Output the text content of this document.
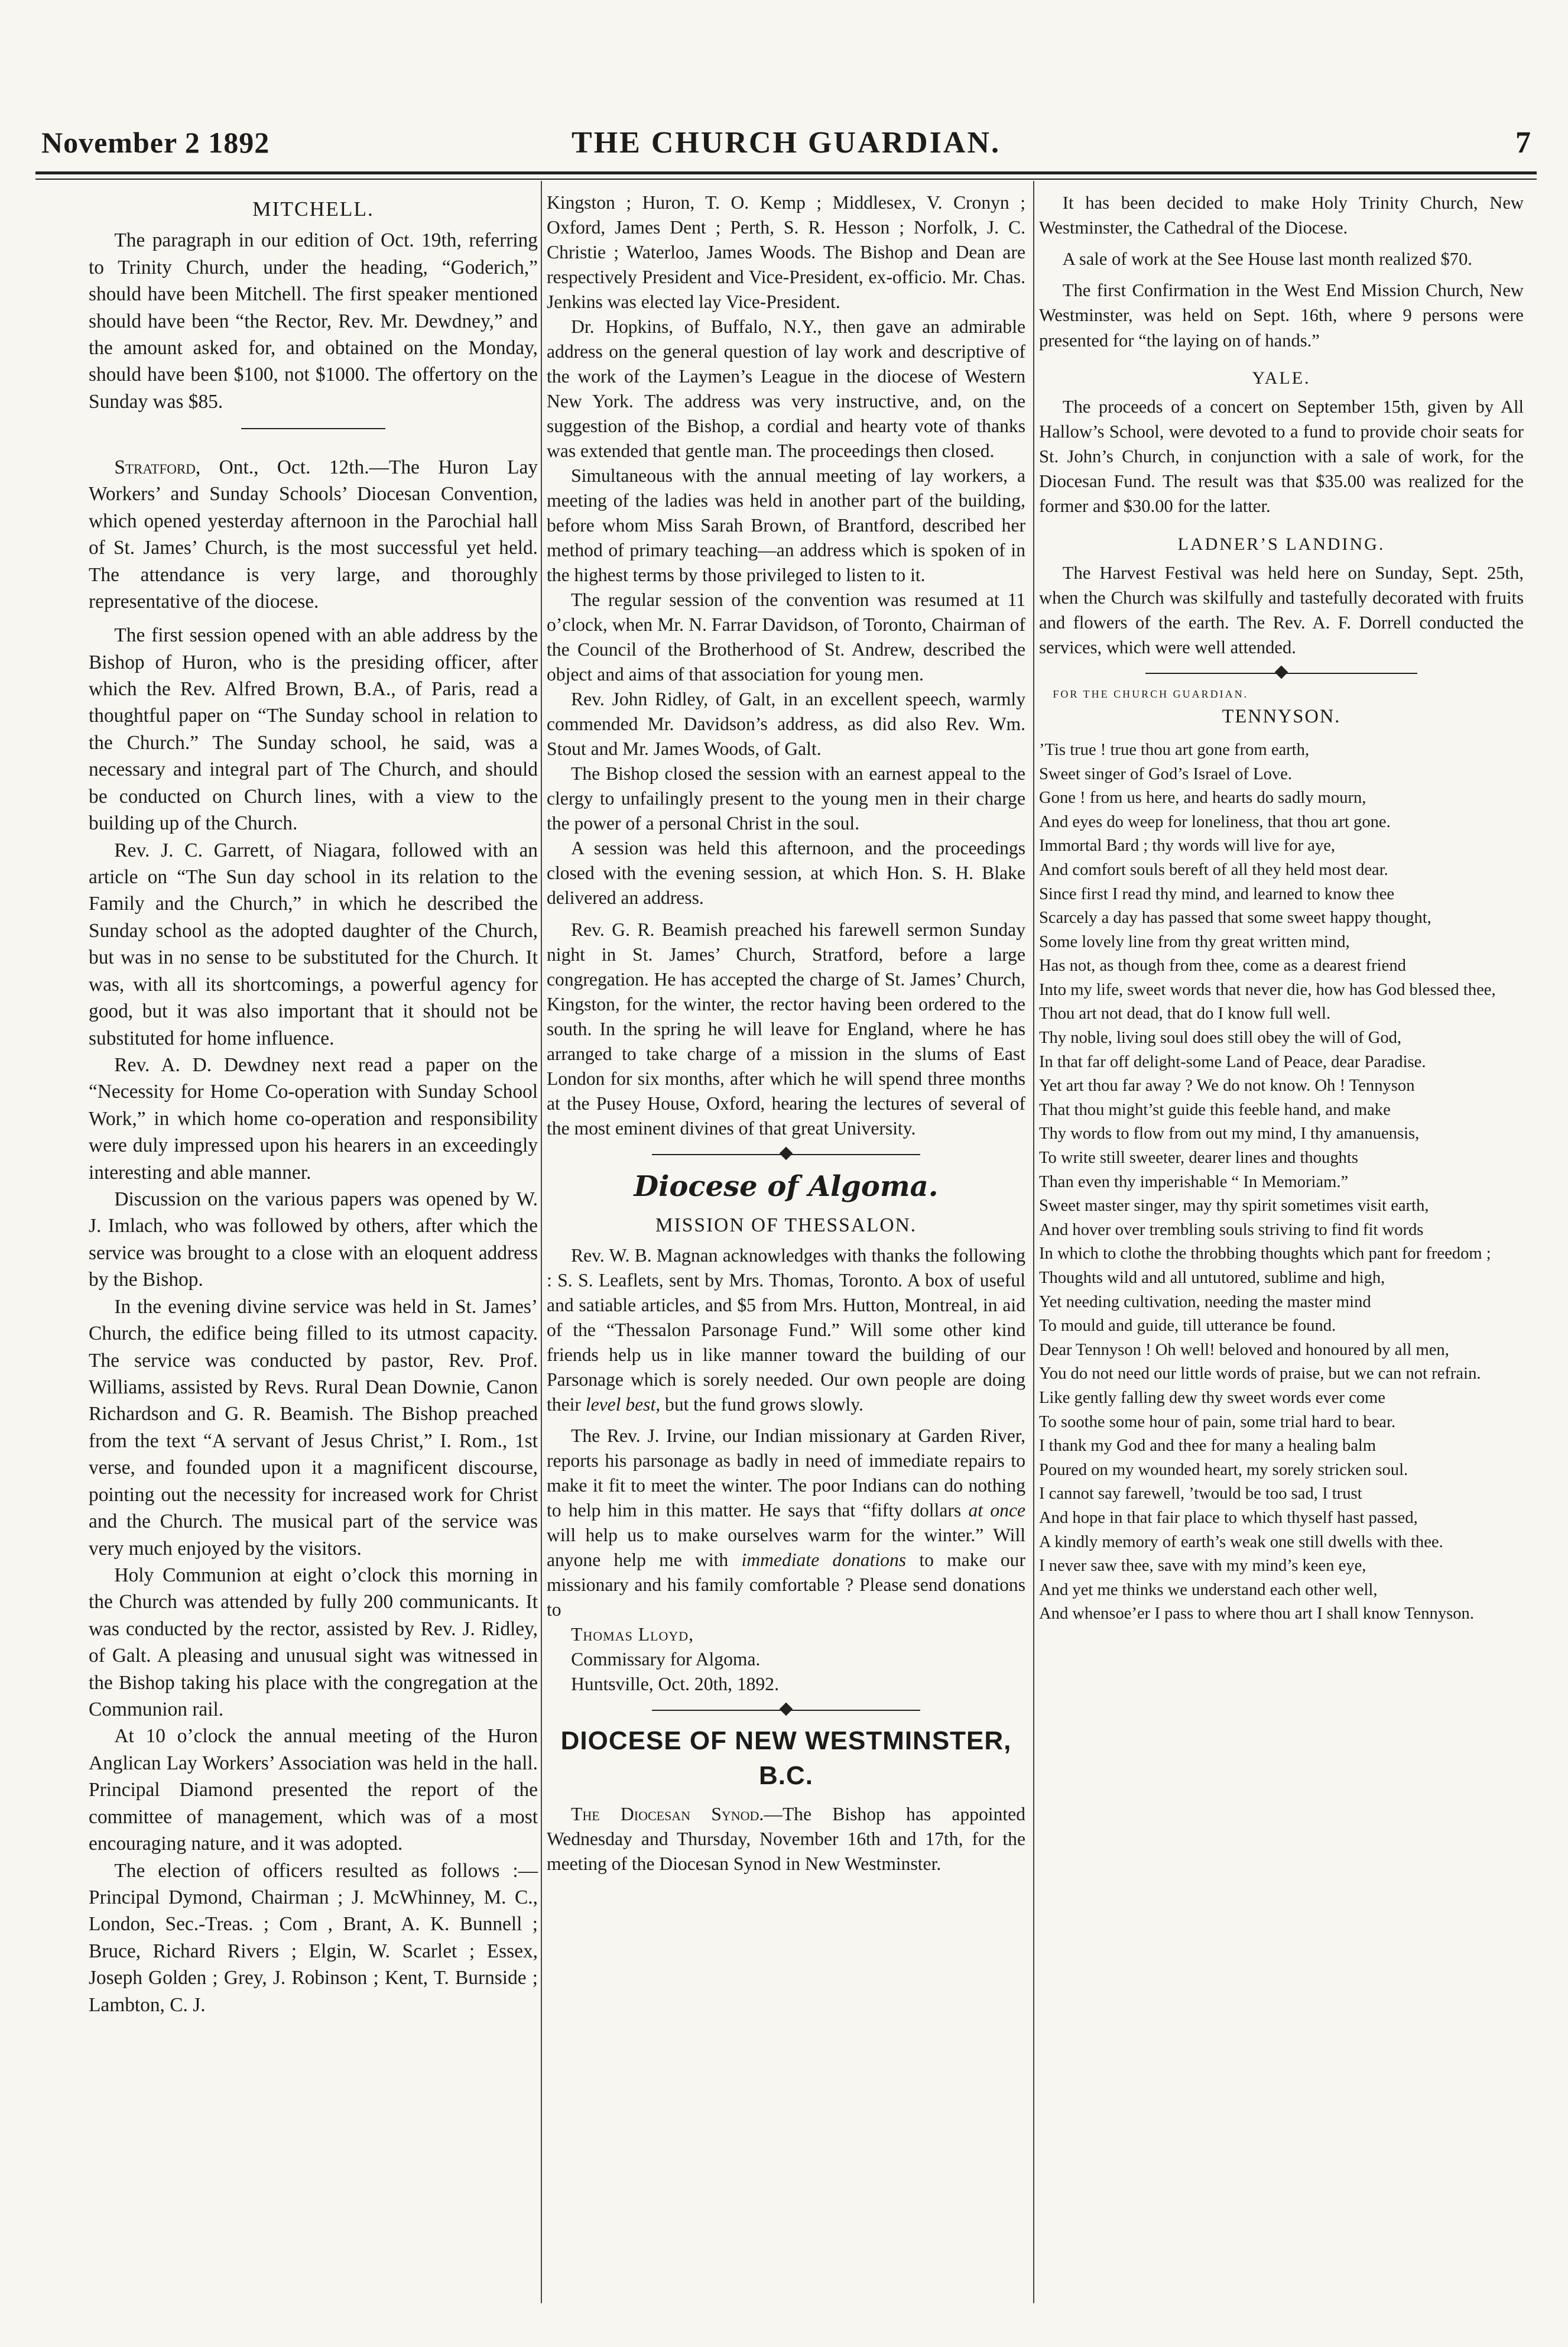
November 2 1892	THE CHURCH GUARDIAN.	7
MITCHELL.

The paragraph in our edition of Oct. 19th, referring to Trinity Church, under the heading, “Goderich,” should have been Mitchell. The first speaker mentioned should have been “the Rector, Rev. Mr. Dewdney,” and the amount asked for, and obtained on the Monday, should have been $100, not $1000. The offertory on the Sunday was $85.

Stratford, Ont., Oct. 12th.—The Huron Lay Workers’ and Sunday Schools’ Diocesan Convention, which opened yesterday afternoon in the Parochial hall of St. James’ Church, is the most successful yet held. The attendance is very large, and thoroughly representative of the diocese.

The first session opened with an able address by the Bishop of Huron, who is the presiding officer, after which the Rev. Alfred Brown, B.A., of Paris, read a thoughtful paper on “The Sunday school in relation to the Church.” The Sunday school, he said, was a necessary and integral part of The Church, and should be conducted on Church lines, with a view to the building up of the Church.

Rev. J. C. Garrett, of Niagara, followed with an article on “The Sun day school in its relation to the Family and the Church,” in which he described the Sunday school as the adopted daughter of the Church, but was in no sense to be substituted for the Church. It was, with all its shortcomings, a powerful agency for good, but it was also important that it should not be substituted for home influence.

Rev. A. D. Dewdney next read a paper on the “Necessity for Home Co-operation with Sunday School Work,” in which home co-operation and responsibility were duly impressed upon his hearers in an exceedingly interesting and able manner.

Discussion on the various papers was opened by W. J. Imlach, who was followed by others, after which the service was brought to a close with an eloquent address by the Bishop.

In the evening divine service was held in St. James’ Church, the edifice being filled to its utmost capacity. The service was conducted by pastor, Rev. Prof. Williams, assisted by Revs. Rural Dean Downie, Canon Richardson and G. R. Beamish. The Bishop preached from the text “A servant of Jesus Christ,” I. Rom., 1st verse, and founded upon it a magnificent discourse, pointing out the necessity for increased work for Christ and the Church. The musical part of the service was very much enjoyed by the visitors.

Holy Communion at eight o’clock this morning in the Church was attended by fully 200 communicants. It was conducted by the rector, assisted by Rev. J. Ridley, of Galt. A pleasing and unusual sight was witnessed in the Bishop taking his place with the congregation at the Communion rail.

At 10 o’clock the annual meeting of the Huron Anglican Lay Workers’ Association was held in the hall. Principal Diamond presented the report of the committee of management, which was of a most encouraging nature, and it was adopted.

The election of officers resulted as follows :— Principal Dymond, Chairman ; J. McWhinney, M. C., London, Sec.-Treas. ; Com , Brant, A. K. Bunnell ; Bruce, Richard Rivers ; Elgin, W. Scarlet ; Essex, Joseph Golden ; Grey, J. Robinson ; Kent, T. Burnside ; Lambton, C. J.

Kingston ; Huron, T. O. Kemp ; Middlesex, V. Cronyn ; Oxford, James Dent ; Perth, S. R. Hesson ; Norfolk, J. C. Christie ; Waterloo, James Woods. The Bishop and Dean are respectively President and Vice-President, ex-officio. Mr. Chas. Jenkins was elected lay Vice-President.

Dr. Hopkins, of Buffalo, N.Y., then gave an admirable address on the general question of lay work and descriptive of the work of the Laymen’s League in the diocese of Western New York. The address was very instructive, and, on the suggestion of the Bishop, a cordial and hearty vote of thanks was extended that gentle man. The proceedings then closed.

Simultaneous with the annual meeting of lay workers, a meeting of the ladies was held in another part of the building, before whom Miss Sarah Brown, of Brantford, described her method of primary teaching—an address which is spoken of in the highest terms by those privileged to listen to it.

The regular session of the convention was resumed at 11 o’clock, when Mr. N. Farrar Davidson, of Toronto, Chairman of the Council of the Brotherhood of St. Andrew, described the object and aims of that association for young men.

Rev. John Ridley, of Galt, in an excellent speech, warmly commended Mr. Davidson’s address, as did also Rev. Wm. Stout and Mr. James Woods, of Galt.

The Bishop closed the session with an earnest appeal to the clergy to unfailingly present to the young men in their charge the power of a personal Christ in the soul.

A session was held this afternoon, and the proceedings closed with the evening session, at which Hon. S. H. Blake delivered an address.

Rev. G. R. Beamish preached his farewell sermon Sunday night in St. James’ Church, Stratford, before a large congregation. He has accepted the charge of St. James’ Church, Kingston, for the winter, the rector having been ordered to the south. In the spring he will leave for England, where he has arranged to take charge of a mission in the slums of East London for six months, after which he will spend three months at the Pusey House, Oxford, hearing the lectures of several of the most eminent divines of that great University.

Diocese of Algoma.
MISSION OF THESSALON.

Rev. W. B. Magnan acknowledges with thanks the following : S. S. Leaflets, sent by Mrs. Thomas, Toronto. A box of useful and satiable articles, and $5 from Mrs. Hutton, Montreal, in aid of the “Thessalon Parsonage Fund.” Will some other kind friends help us in like manner toward the building of our Parsonage which is sorely needed. Our own people are doing their level best, but the fund grows slowly.

The Rev. J. Irvine, our Indian missionary at Garden River, reports his parsonage as badly in need of immediate repairs to make it fit to meet the winter. The poor Indians can do nothing to help him in this matter. He says that “fifty dollars at once will help us to make ourselves warm for the winter.” Will anyone help me with immediate donations to make our missionary and his family comfortable ? Please send donations to

Thomas Lloyd,

Commissary for Algoma.

Huntsville, Oct. 20th, 1892.

DIOCESE OF NEW WESTMINSTER, B.C.

The Diocesan Synod.—The Bishop has appointed Wednesday and Thursday, November 16th and 17th, for the meeting of the Diocesan Synod in New Westminster.

It has been decided to make Holy Trinity Church, New Westminster, the Cathedral of the Diocese.

A sale of work at the See House last month realized $70.

The first Confirmation in the West End Mission Church, New Westminster, was held on Sept. 16th, where 9 persons were presented for “the laying on of hands.”

YALE.

The proceeds of a concert on September 15th, given by All Hallow’s School, were devoted to a fund to provide choir seats for St. John’s Church, in conjunction with a sale of work, for the Diocesan Fund. The result was that $35.00 was realized for the former and $30.00 for the latter.

LADNER’S LANDING.

The Harvest Festival was held here on Sunday, Sept. 25th, when the Church was skilfully and tastefully decorated with fruits and flowers of the earth. The Rev. A. F. Dorrell conducted the services, which were well attended.

FOR THE CHURCH GUARDIAN.

TENNYSON.
’Tis true ! true thou art gone from earth,
Sweet singer of God’s Israel of Love.
Gone ! from us here, and hearts do sadly mourn,
And eyes do weep for loneliness, that thou art gone.
Immortal Bard ; thy words will live for aye,
And comfort souls bereft of all they held most dear.
Since first I read thy mind, and learned to know thee
Scarcely a day has passed that some sweet happy thought,
Some lovely line from thy great written mind,
Has not, as though from thee, come as a dearest friend
Into my life, sweet words that never die, how has God blessed thee,
Thou art not dead, that do I know full well.
Thy noble, living soul does still obey the will of God,
In that far off delight-some Land of Peace, dear Paradise.
Yet art thou far away ? We do not know. Oh ! Tennyson
That thou might’st guide this feeble hand, and make
Thy words to flow from out my mind, I thy amanuensis,
To write still sweeter, dearer lines and thoughts
Than even thy imperishable “ In Memoriam.”
Sweet master singer, may thy spirit sometimes visit earth,
And hover over trembling souls striving to find fit words
In which to clothe the throbbing thoughts which pant for freedom ;
Thoughts wild and all untutored, sublime and high,
Yet needing cultivation, needing the master mind
To mould and guide, till utterance be found.
Dear Tennyson ! Oh well! beloved and honoured by all men,
You do not need our little words of praise, but we can not refrain.
Like gently falling dew thy sweet words ever come
To soothe some hour of pain, some trial hard to bear.
I thank my God and thee for many a healing balm
Poured on my wounded heart, my sorely stricken soul.
I cannot say farewell, ’twould be too sad, I trust
And hope in that fair place to which thyself hast passed,
A kindly memory of earth’s weak one still dwells with thee.
I never saw thee, save with my mind’s keen eye,
And yet me thinks we understand each other well,
And whensoe’er I pass to where thou art I shall know Tennyson.
